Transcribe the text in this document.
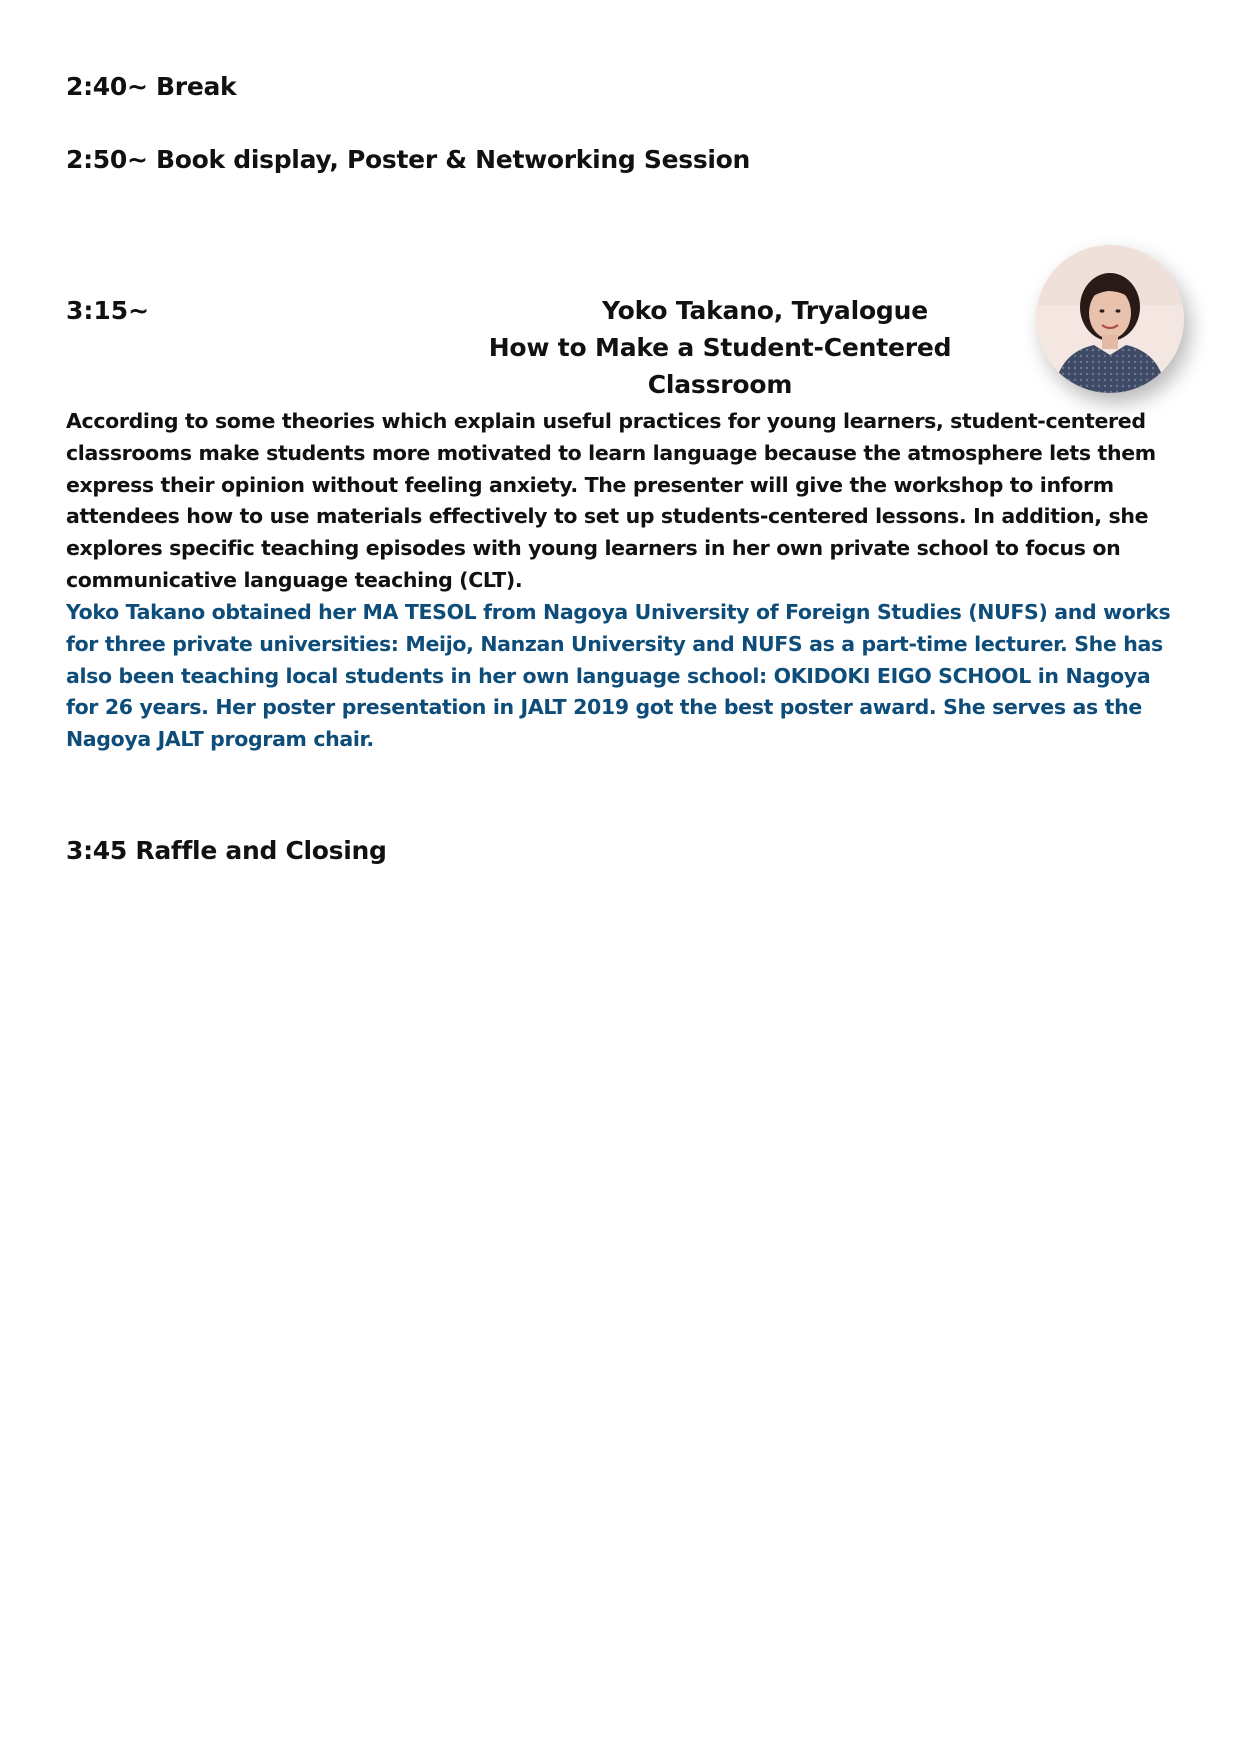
2:40~ Break
2:50~ Book display, Poster & Networking Session
3:15~	Yoko Takano, Tryalogue
How to Make a Student-Centered Classroom

According to some theories which explain useful practices for young learners, student-centered classrooms make students more motivated to learn language because the atmosphere lets them express their opinion without feeling anxiety. The presenter will give the workshop to inform attendees how to use materials effectively to set up students-centered lessons. In addition, she explores specific teaching episodes with young learners in her own private school to focus on communicative language teaching (CLT).

Yoko Takano obtained her MA TESOL from Nagoya University of Foreign Studies (NUFS) and works for three private universities: Meijo, Nanzan University and NUFS as a part-time lecturer. She has also been teaching local students in her own language school: OKIDOKI EIGO SCHOOL in Nagoya for 26 years. Her poster presentation in JALT 2019 got the best poster award. She serves as the Nagoya JALT program chair.

3:45 Raffle and Closing
